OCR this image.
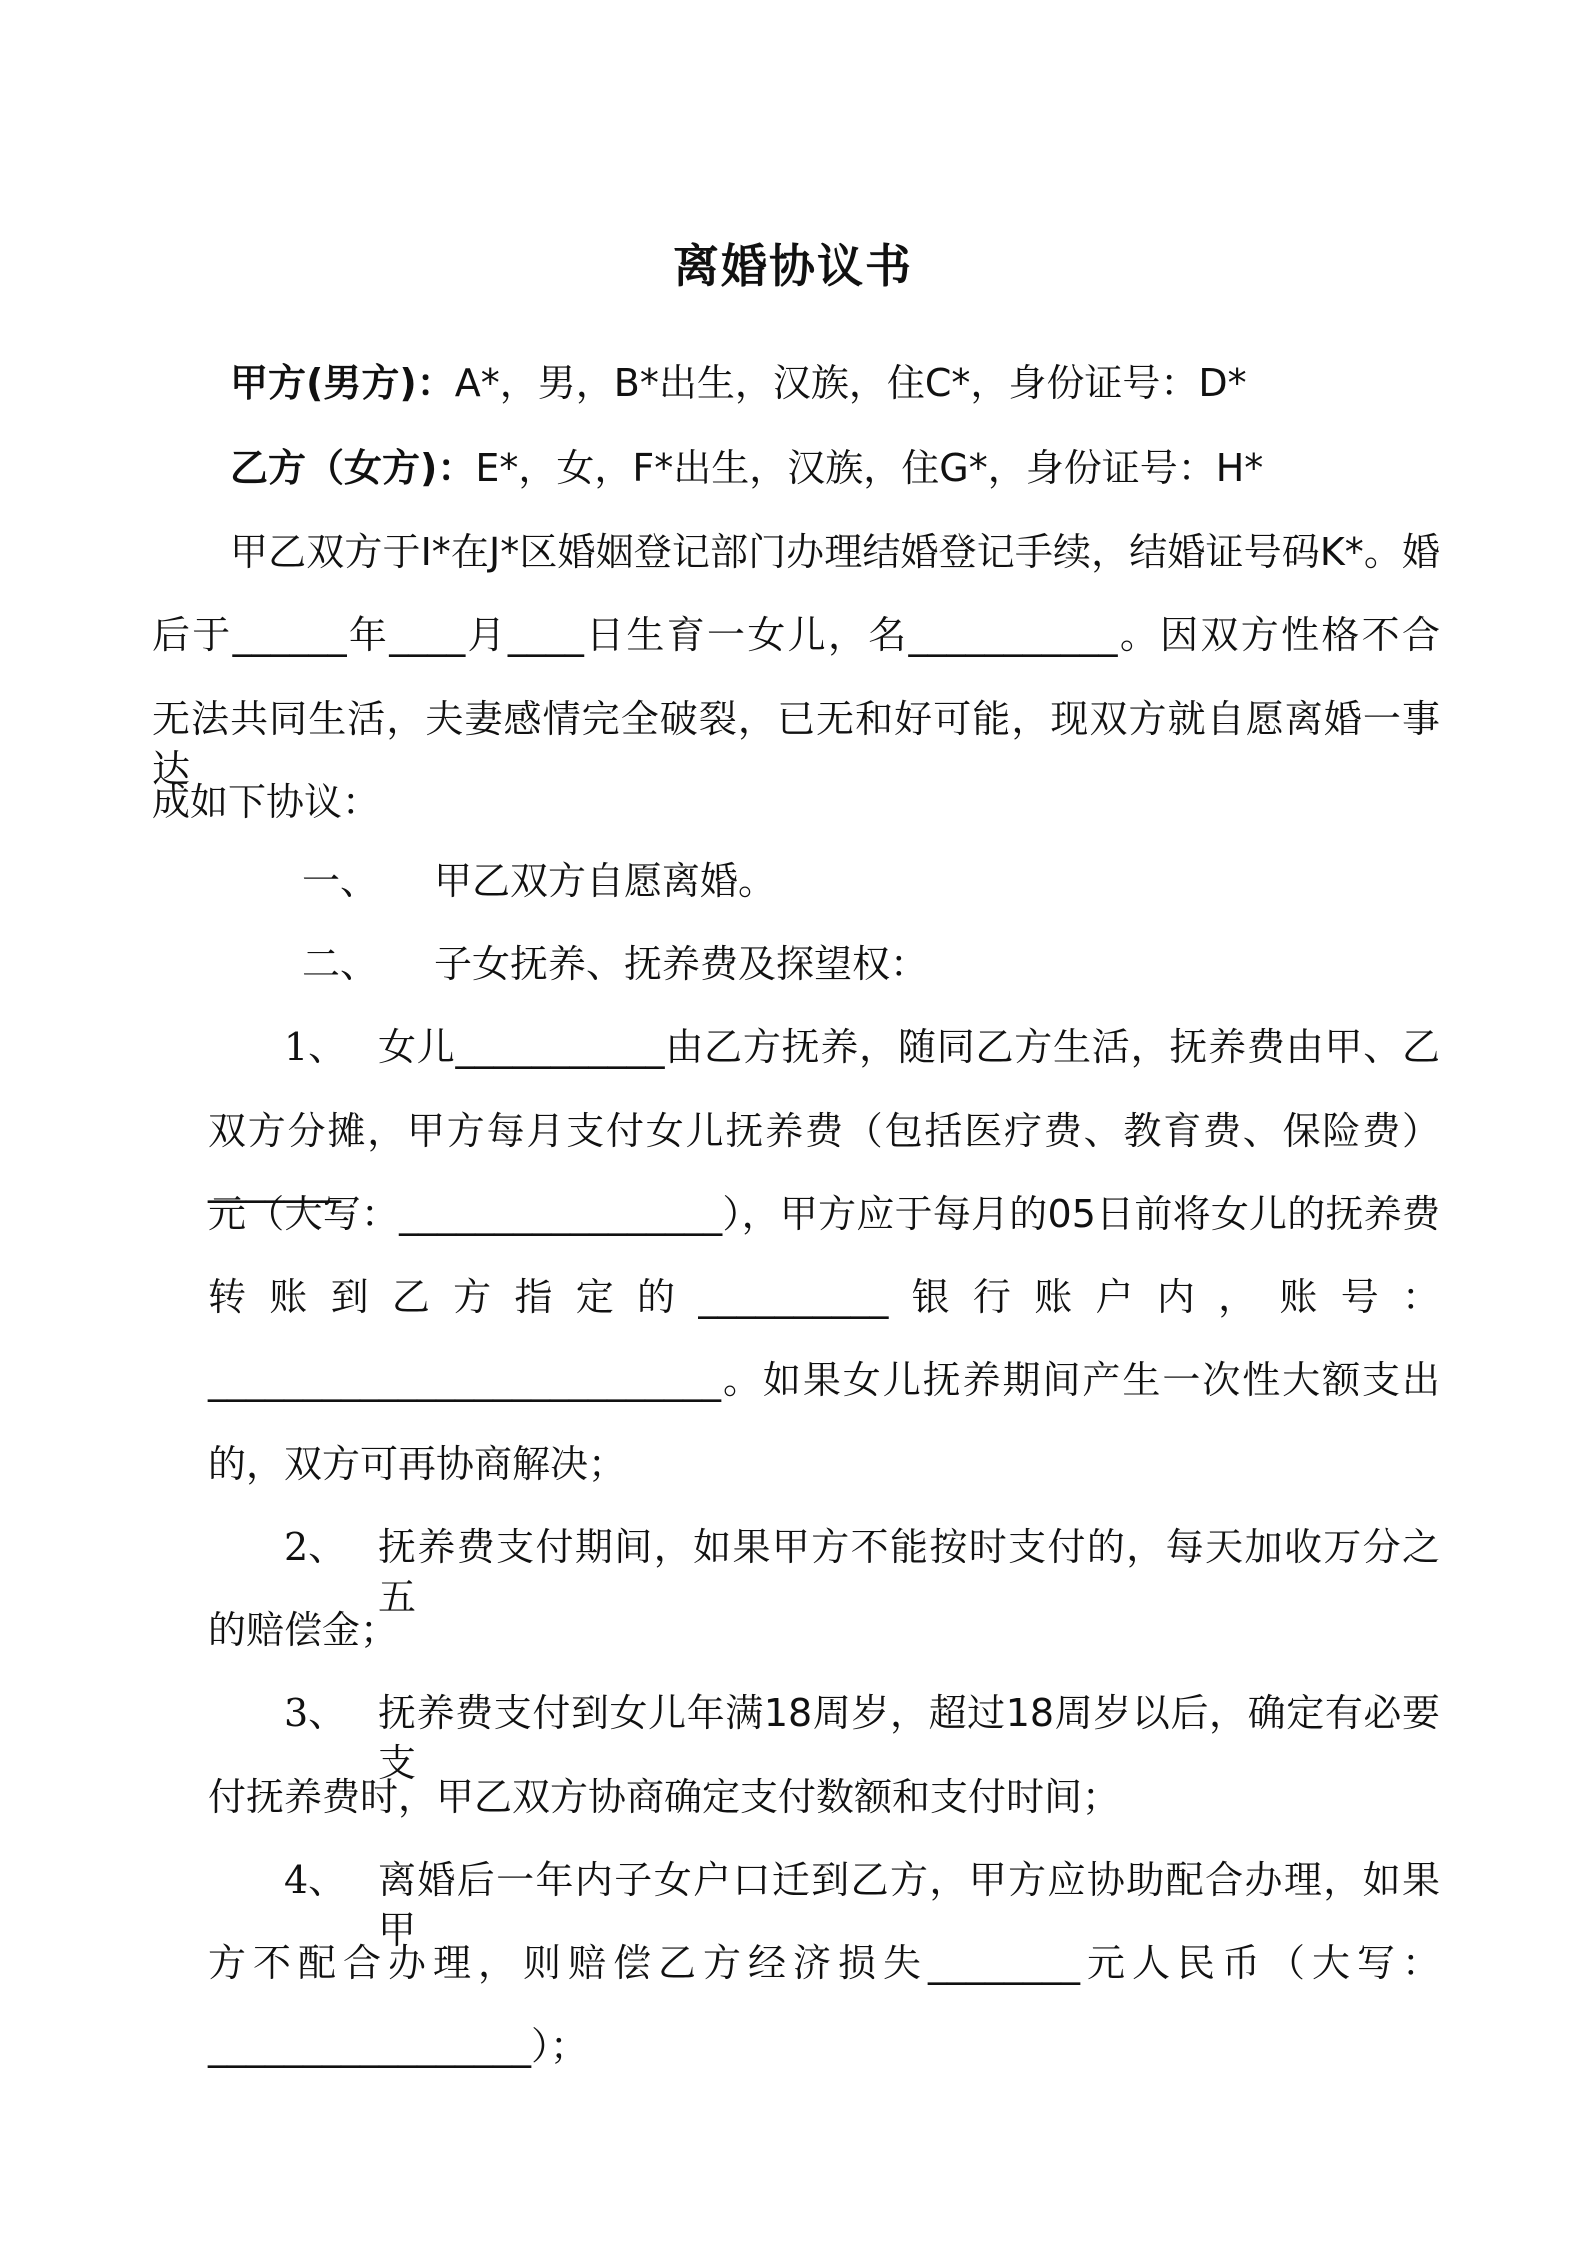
离婚协议书
甲方(男方)：A*，男，B*出生，汉族，住C*，身份证号：D*
乙方（女方)：E*，女，F*出生，汉族，住G*，身份证号：H*
甲乙双方于I*在J*区婚姻登记部门办理结婚登记手续，结婚证号码K*。婚
后于______年____月____日生育一女儿，名___________。因双方性格不合
无法共同生活，夫妻感情完全破裂，已无和好可能，现双方就自愿离婚一事达
成如下协议：
一、 甲乙双方自愿离婚。
二、 子女抚养、抚养费及探望权：
1、 女儿___________由乙方抚养，随同乙方生活，抚养费由甲、乙
双方分摊，甲方每月支付女儿抚养费（包括医疗费、教育费、保险费）_______
元（大写：_________________），甲方应于每月的05日前将女儿的抚养费
转账到乙方指定的__________银行账户内，账号：
___________________________。如果女儿抚养期间产生一次性大额支出
的，双方可再协商解决；
2、 抚养费支付期间，如果甲方不能按时支付的，每天加收万分之五
的赔偿金；
3、 抚养费支付到女儿年满18周岁，超过18周岁以后，确定有必要支
付抚养费时，甲乙双方协商确定支付数额和支付时间；
4、 离婚后一年内子女户口迁到乙方，甲方应协助配合办理，如果甲
方不配合办理，则赔偿乙方经济损失________元人民币（大写：
_________________）；
